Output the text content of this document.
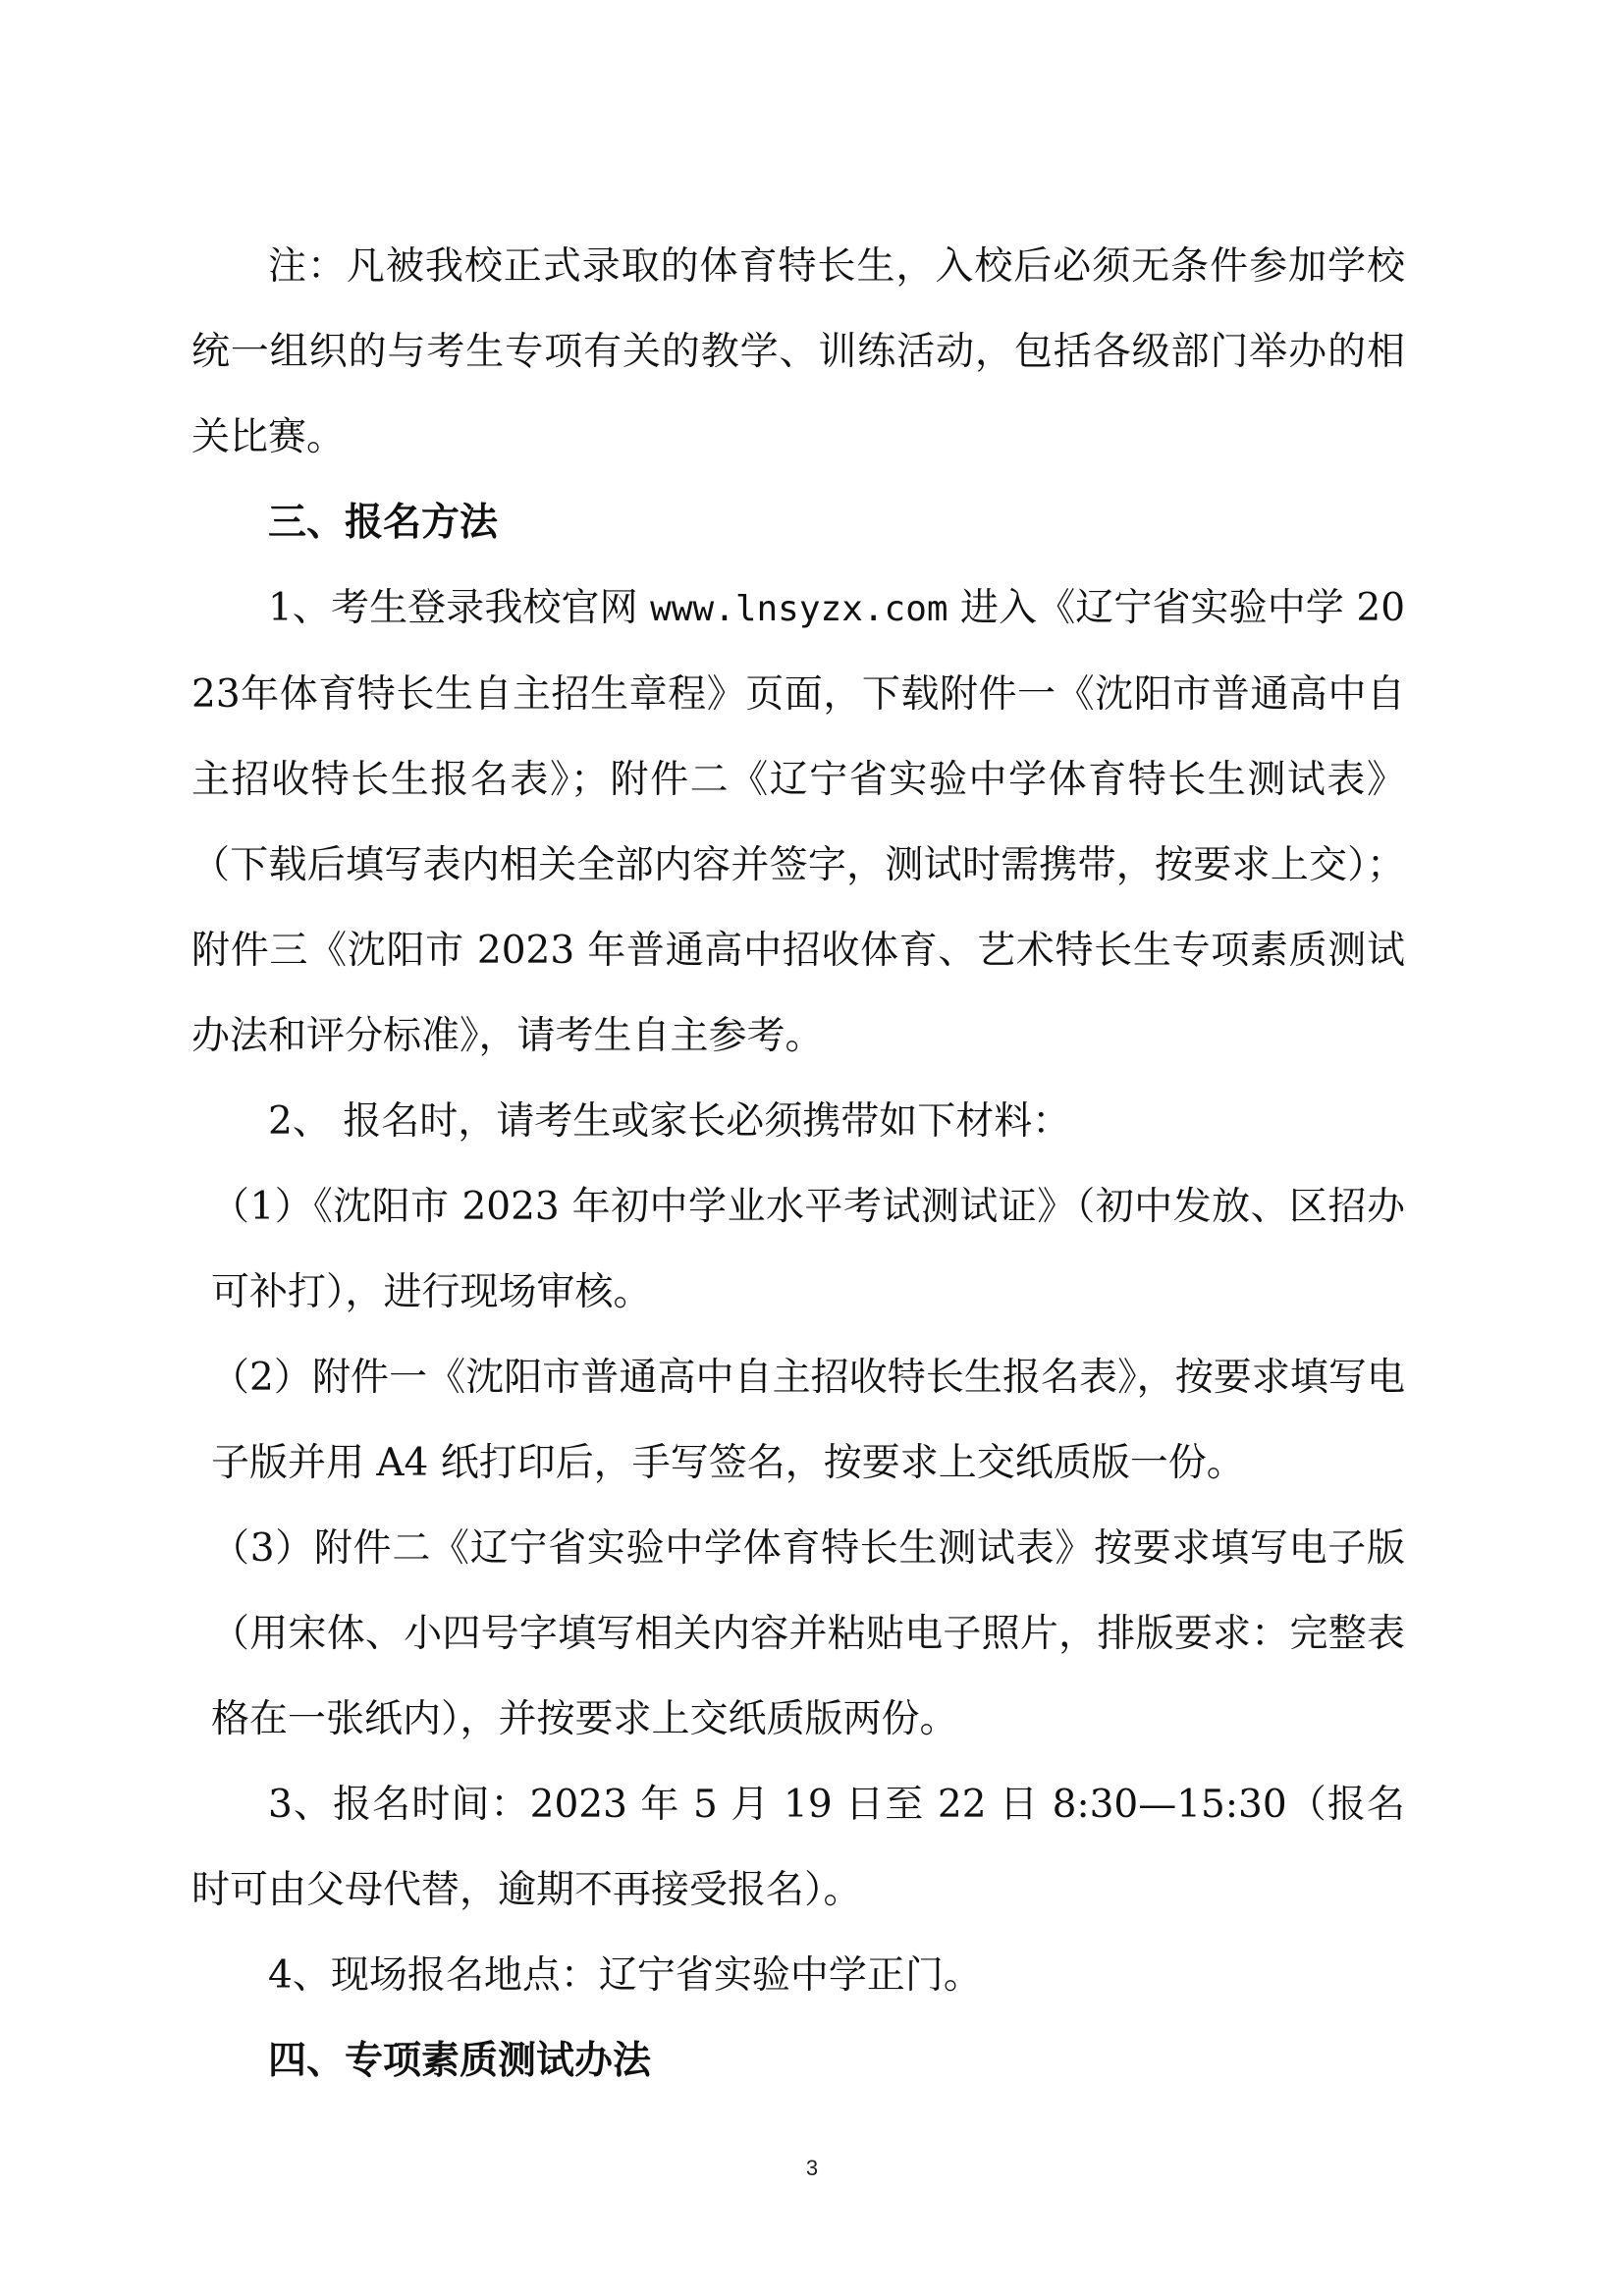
注：凡被我校正式录取的体育特长生，入校后必须无条件参加学校统一组织的与考生专项有关的教学、训练活动，包括各级部门举办的相关比赛。

三、报名方法

1、考生登录我校官网 www.lnsyzx.com 进入《辽宁省实验中学 2023年体育特长生自主招生章程》页面，下载附件一《沈阳市普通高中自主招收特长生报名表》；附件二《辽宁省实验中学体育特长生测试表》（下载后填写表内相关全部内容并签字，测试时需携带，按要求上交）；附件三《沈阳市 2023 年普通高中招收体育、艺术特长生专项素质测试办法和评分标准》，请考生自主参考。

2、 报名时，请考生或家长必须携带如下材料：

（1）《沈阳市 2023 年初中学业水平考试测试证》（初中发放、区招办可补打），进行现场审核。

（2）附件一《沈阳市普通高中自主招收特长生报名表》，按要求填写电子版并用 A4 纸打印后，手写签名，按要求上交纸质版一份。

（3）附件二《辽宁省实验中学体育特长生测试表》按要求填写电子版（用宋体、小四号字填写相关内容并粘贴电子照片，排版要求：完整表格在一张纸内），并按要求上交纸质版两份。

3、报名时间：2023 年 5 月 19 日至 22 日 8:30—15:30（报名时可由父母代替，逾期不再接受报名）。

4、现场报名地点：辽宁省实验中学正门。

四、专项素质测试办法

3
